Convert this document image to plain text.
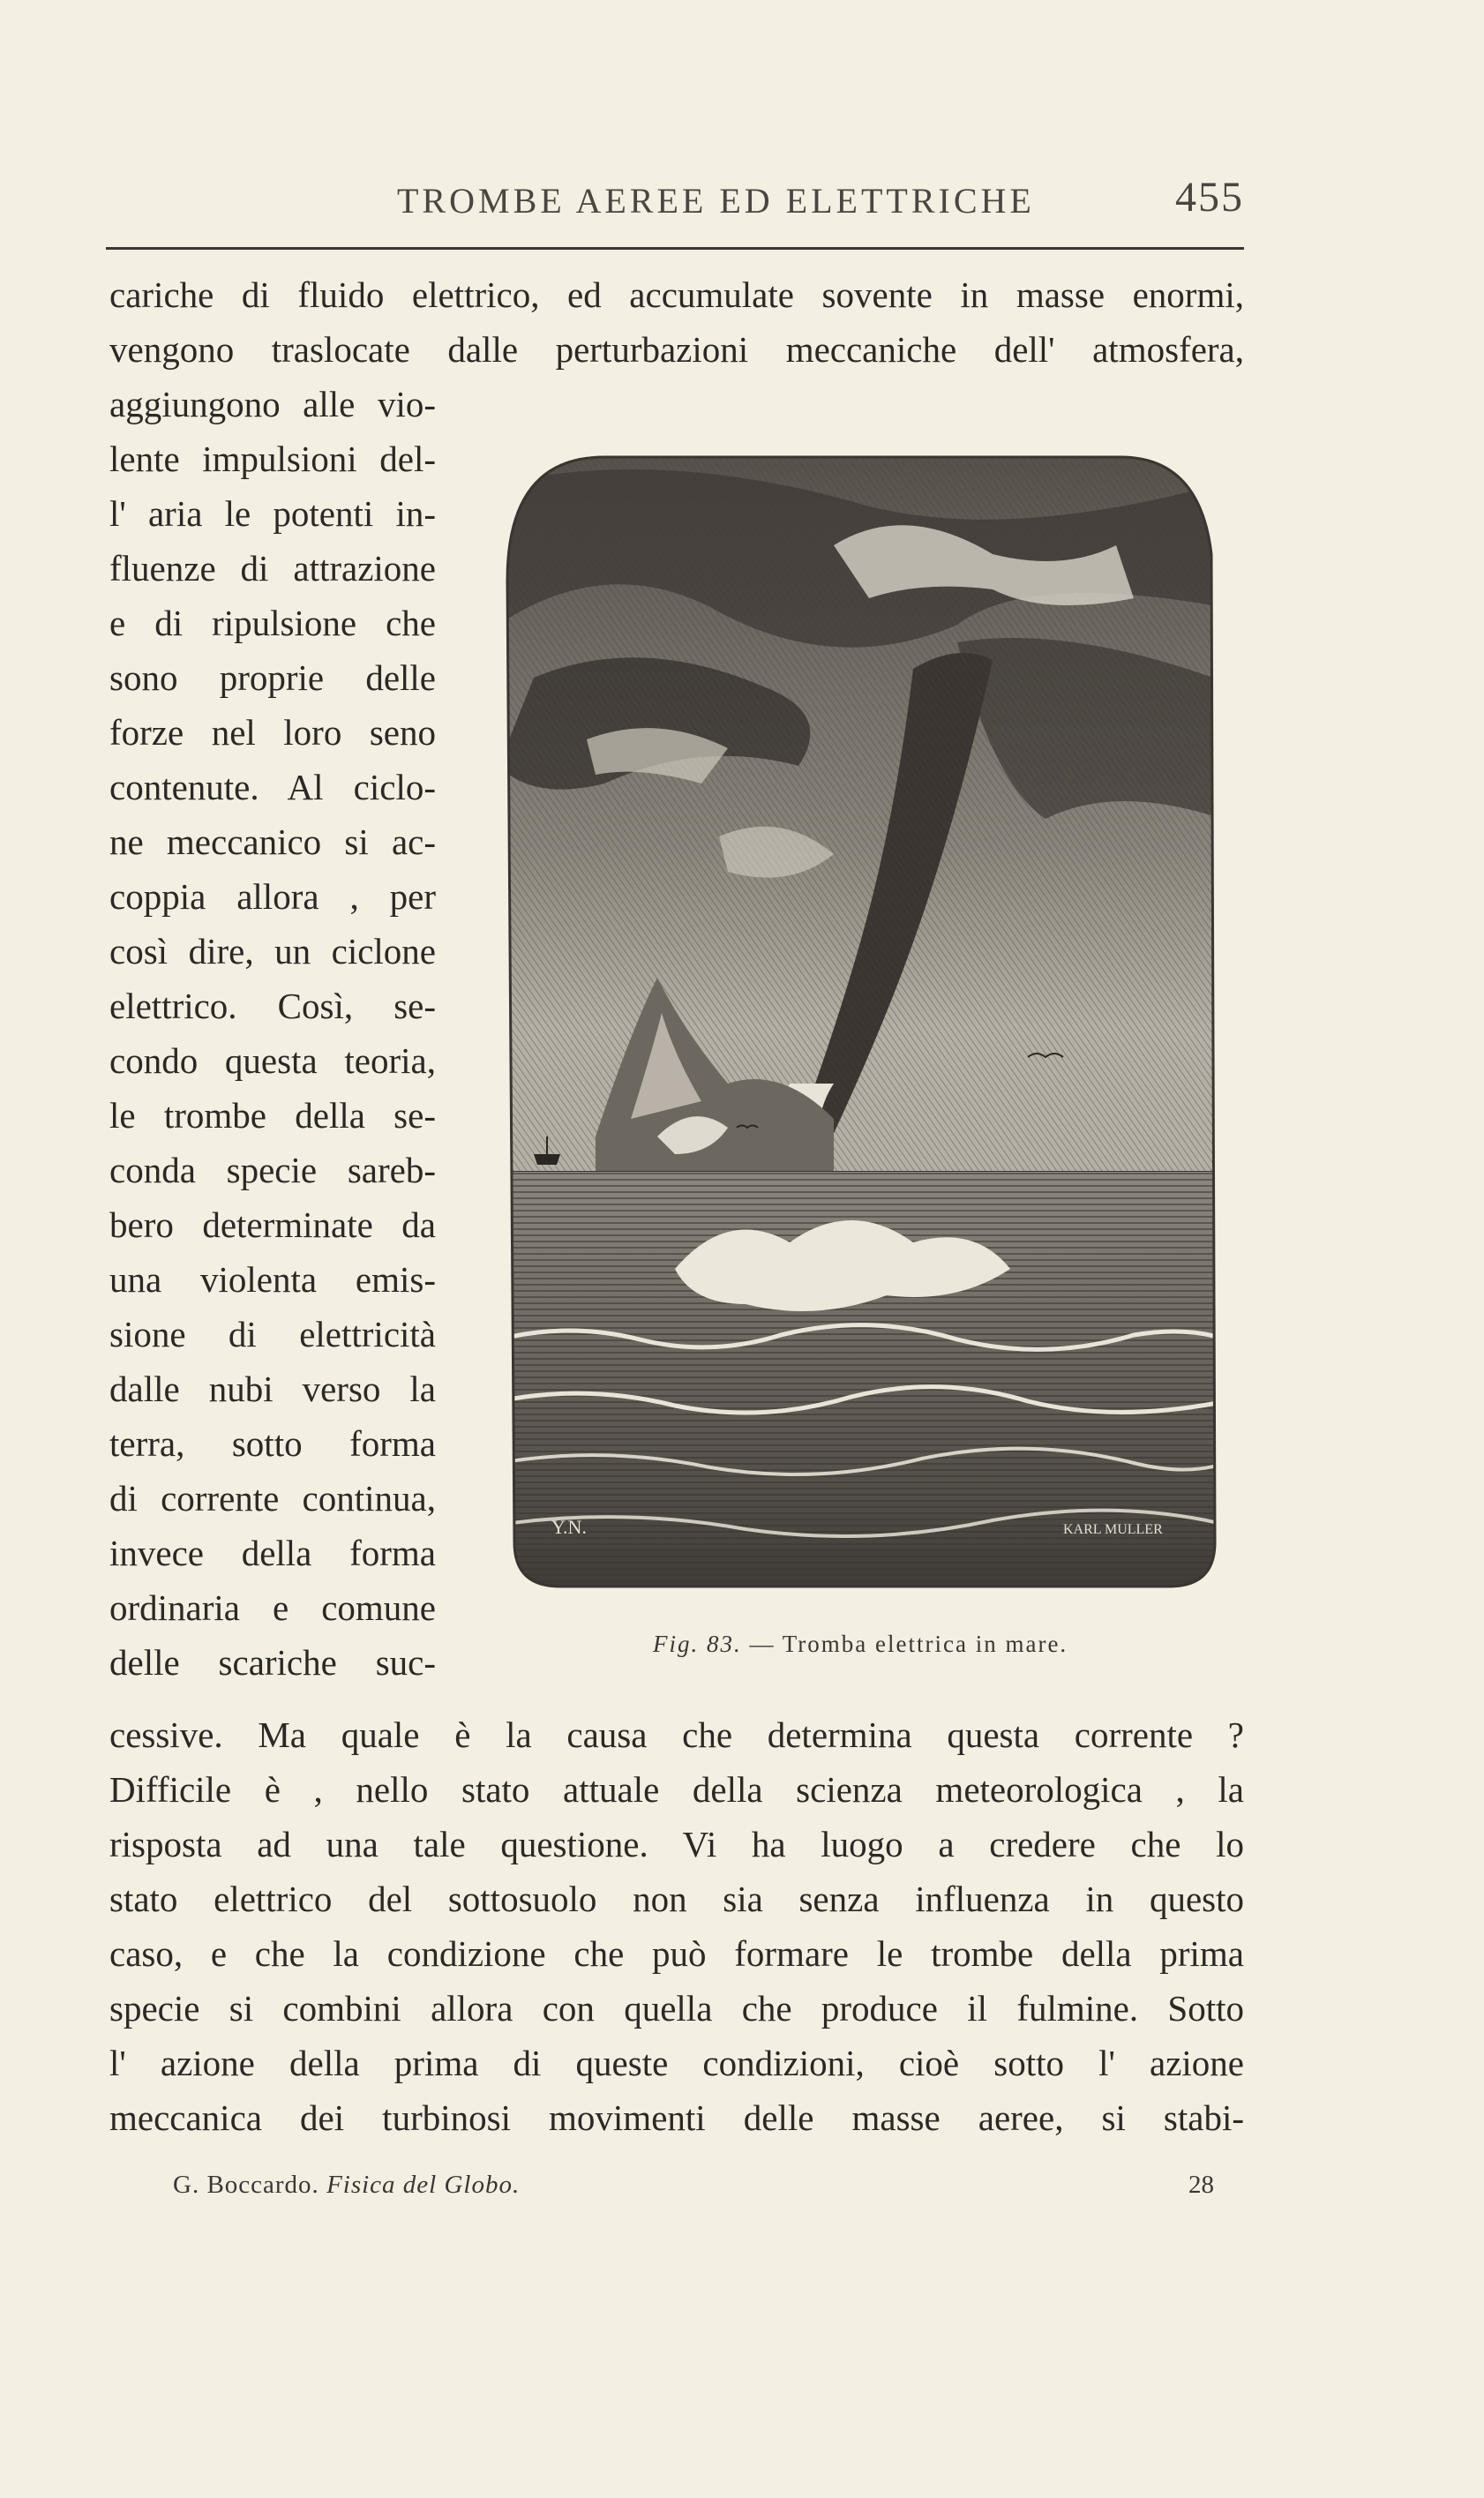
TROMBE AEREE ED ELETTRICHE	455
cariche di fluido elettrico, ed accumulate sovente in masse enormi,
vengono traslocate dalle perturbazioni meccaniche dell' atmosfera,
aggiungono alle vio-
lente impulsioni del-
l' aria le potenti in-
fluenze di attrazione
e di ripulsione che
sono proprie delle
forze nel loro seno
contenute. Al ciclo-
ne meccanico si ac-
coppia allora , per
così dire, un ciclone
elettrico. Così, se-
condo questa teoria,
le trombe della se-
conda specie sareb-
bero determinate da
una violenta emis-
sione di elettricità
dalle nubi verso la
terra, sotto forma
di corrente continua,
invece della forma
ordinaria e comune
delle scariche suc-
cessive. Ma quale è la causa che determina questa corrente ?
Difficile è , nello stato attuale della scienza meteorologica , la
risposta ad una tale questione. Vi ha luogo a credere che lo
stato elettrico del sottosuolo non sia senza influenza in questo
caso, e che la condizione che può formare le trombe della prima
specie si combini allora con quella che produce il fulmine. Sotto
l' azione della prima di queste condizioni, cioè sotto l' azione
meccanica dei turbinosi movimenti delle masse aeree, si stabi-
Y.N.	KARL MULLER
Fig. 83. — Tromba elettrica in mare.
G. Boccardo. Fisica del Globo.	28
